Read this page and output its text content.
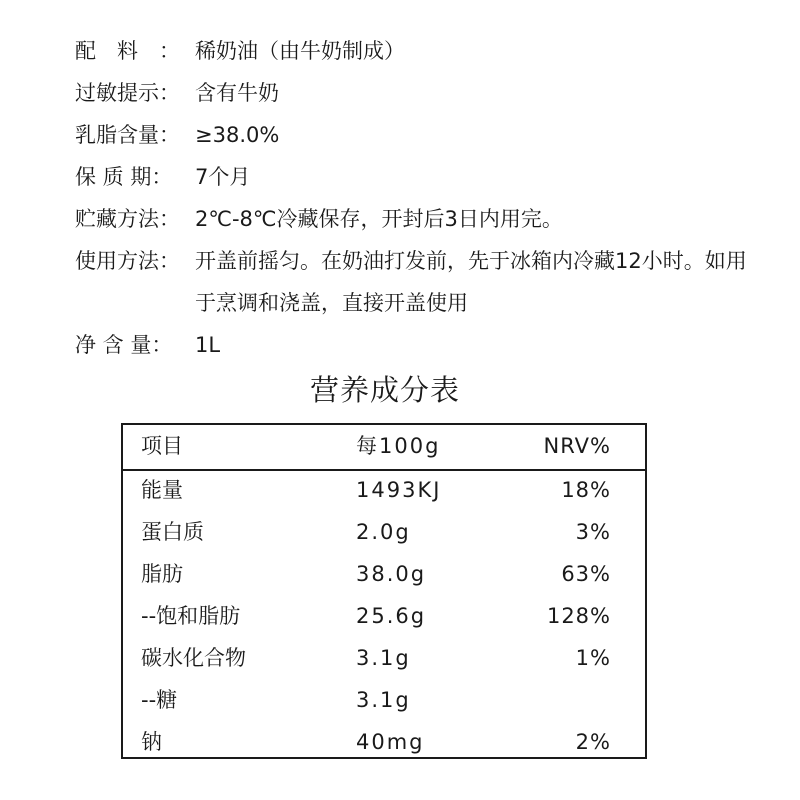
配　料　： 稀奶油（由牛奶制成）
过敏提示： 含有牛奶
乳脂含量： ≥38.0%
保 质 期：	7个月
贮藏方法： 2℃-8℃冷藏保存，开封后3日内用完。
使用方法： 开盖前摇匀。在奶油打发前，先于冰箱内冷藏12小时。如用于烹调和浇盖，直接开盖使用
净 含 量：	1L
营养成分表
项目	每100g	NRV%
能量	1493KJ	18%
蛋白质	2.0g	3%
脂肪	38.0g	63%
--饱和脂肪	25.6g	128%
碳水化合物	3.1g	1%
--糖	3.1g
钠	40mg	2%
